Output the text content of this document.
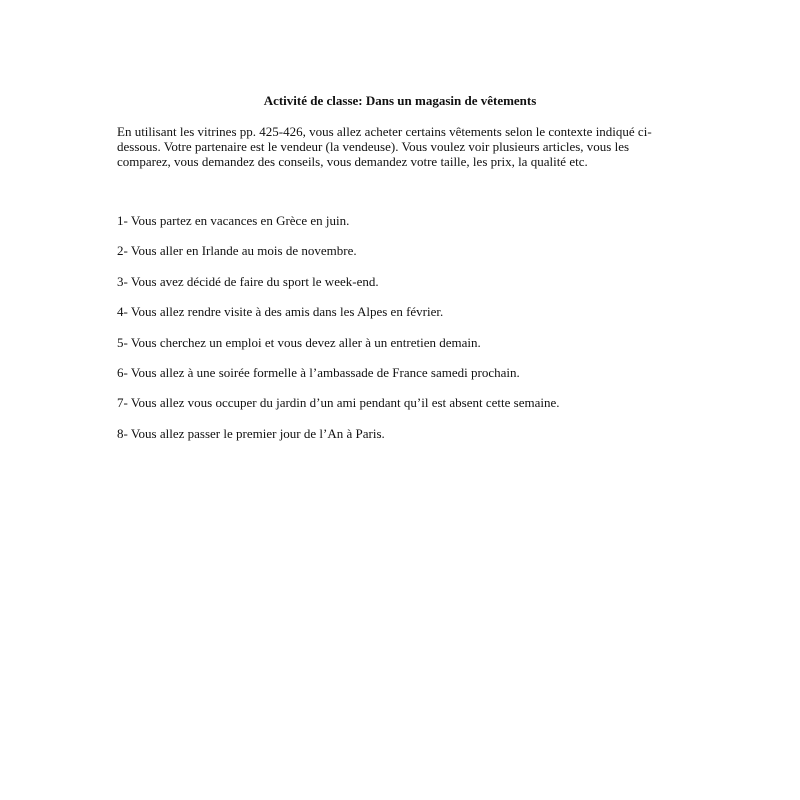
Activité de classe: Dans un magasin de vêtements

En utilisant les vitrines pp. 425-426, vous allez acheter certains vêtements selon le contexte indiqué ci-
dessous. Votre partenaire est le vendeur (la vendeuse). Vous voulez voir plusieurs articles, vous les
comparez, vous demandez des conseils, vous demandez votre taille, les prix, la qualité etc.

1- Vous partez en vacances en Grèce en juin.
2- Vous aller en Irlande au mois de novembre.
3- Vous avez décidé de faire du sport le week-end.
4- Vous allez rendre visite à des amis dans les Alpes en février.
5- Vous cherchez un emploi et vous devez aller à un entretien demain.
6- Vous allez à une soirée formelle à l’ambassade de France samedi prochain.
7- Vous allez vous occuper du jardin d’un ami pendant qu’il est absent cette semaine.
8- Vous allez passer le premier jour de l’An à Paris.
